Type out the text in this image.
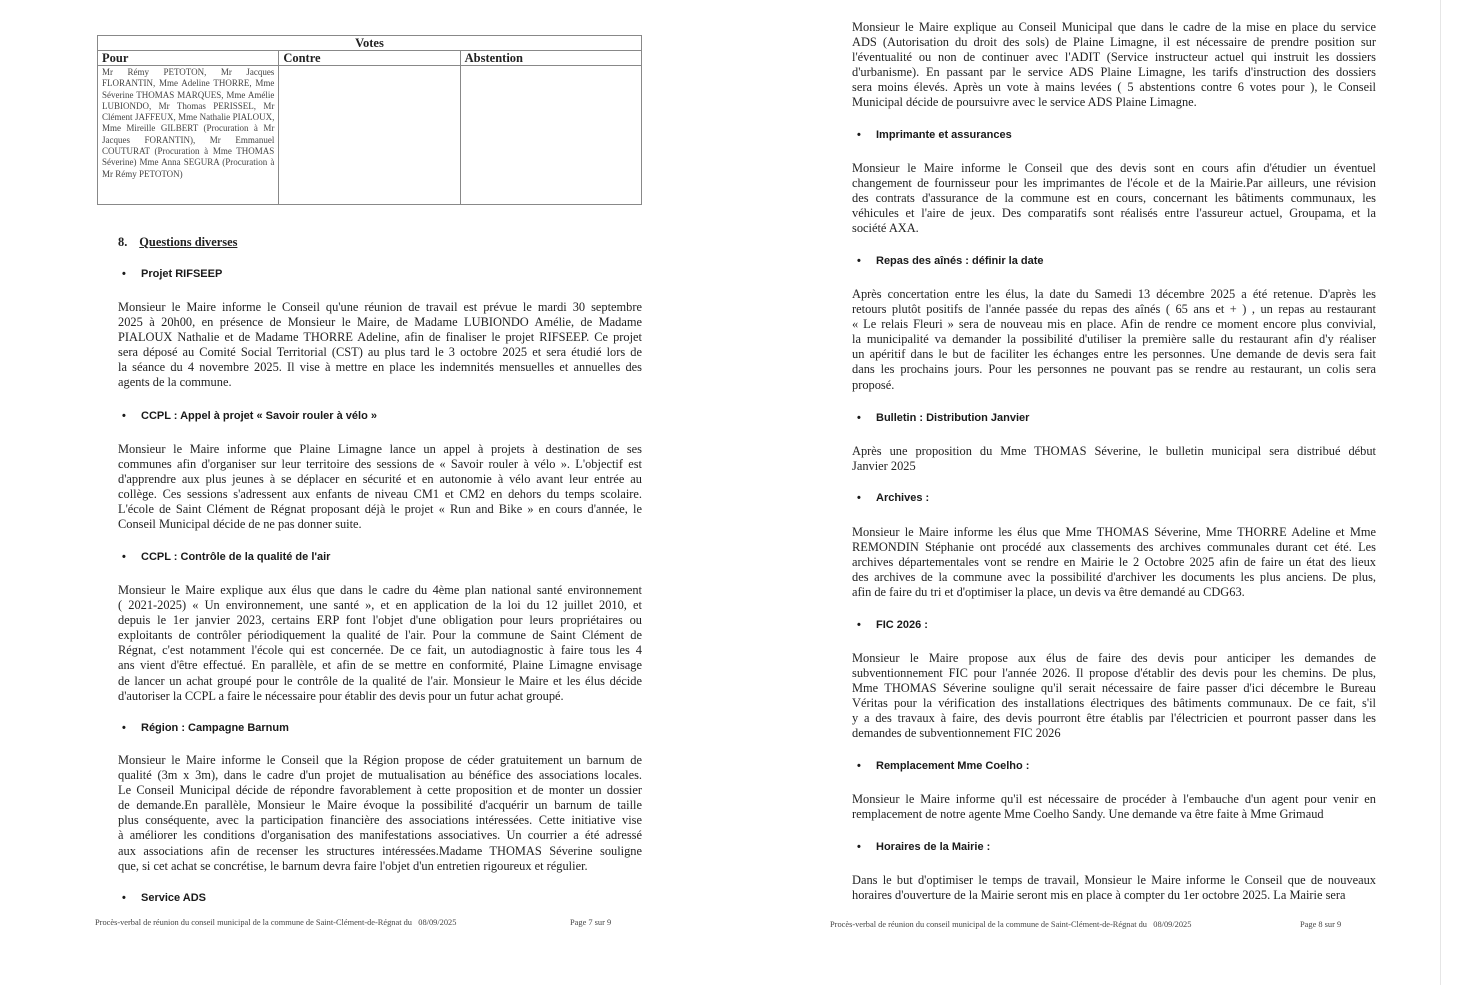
Votes		
Pour	Contre	Abstention
Mr Rémy PETOTON, Mr Jacques FLORANTIN, Mme Adeline THORRE, Mme Séverine THOMAS MARQUES, Mme Amélie LUBIONDO, Mr Thomas PERISSEL, Mr Clément JAFFEUX, Mme Nathalie PIALOUX, Mme Mireille GILBERT (Procuration à Mr Jacques FORANTIN), Mr Emmanuel COUTURAT (Procuration à Mme THOMAS Séverine) Mme Anna SEGURA (Procuration à Mr Rémy PETOTON)		
8. Questions diverses
• Projet RIFSEEP
Monsieur le Maire informe le Conseil qu'une réunion de travail est prévue le mardi 30 septembre
2025 à 20h00, en présence de Monsieur le Maire, de Madame LUBIONDO Amélie, de Madame
PIALOUX Nathalie et de Madame THORRE Adeline, afin de finaliser le projet RIFSEEP. Ce projet
sera déposé au Comité Social Territorial (CST) au plus tard le 3 octobre 2025 et sera étudié lors de
la séance du 4 novembre 2025. Il vise à mettre en place les indemnités mensuelles et annuelles des
agents de la commune.
• CCPL : Appel à projet « Savoir rouler à vélo »
Monsieur le Maire informe que Plaine Limagne lance un appel à projets à destination de ses
communes afin d'organiser sur leur territoire des sessions de « Savoir rouler à vélo ». L'objectif est
d'apprendre aux plus jeunes à se déplacer en sécurité et en autonomie à vélo avant leur entrée au
collège. Ces sessions s'adressent aux enfants de niveau CM1 et CM2 en dehors du temps scolaire.
L'école de Saint Clément de Régnat proposant déjà le projet « Run and Bike » en cours d'année, le
Conseil Municipal décide de ne pas donner suite.
• CCPL : Contrôle de la qualité de l'air
Monsieur le Maire explique aux élus que dans le cadre du 4ème plan national santé environnement
( 2021-2025) « Un environnement, une santé », et en application de la loi du 12 juillet 2010, et
depuis le 1er janvier 2023, certains ERP font l'objet d'une obligation pour leurs propriétaires ou
exploitants de contrôler périodiquement la qualité de l'air. Pour la commune de Saint Clément de
Régnat, c'est notamment l'école qui est concernée. De ce fait, un autodiagnostic à faire tous les 4
ans vient d'être effectué. En parallèle, et afin de se mettre en conformité, Plaine Limagne envisage
de lancer un achat groupé pour le contrôle de la qualité de l'air. Monsieur le Maire et les élus décide
d'autoriser la CCPL a faire le nécessaire pour établir des devis pour un futur achat groupé.
• Région : Campagne Barnum
Monsieur le Maire informe le Conseil que la Région propose de céder gratuitement un barnum de
qualité (3m x 3m), dans le cadre d'un projet de mutualisation au bénéfice des associations locales.
Le Conseil Municipal décide de répondre favorablement à cette proposition et de monter un dossier
de demande.En parallèle, Monsieur le Maire évoque la possibilité d'acquérir un barnum de taille
plus conséquente, avec la participation financière des associations intéressées. Cette initiative vise
à améliorer les conditions d'organisation des manifestations associatives. Un courrier a été adressé
aux associations afin de recenser les structures intéressées.Madame THOMAS Séverine souligne
que, si cet achat se concrétise, le barnum devra faire l'objet d'un entretien rigoureux et régulier.
• Service ADS
Procès-verbal de réunion du conseil municipal de la commune de Saint-Clément-de-Régnat du 08/09/2025	Page 7 sur 9
Monsieur le Maire explique au Conseil Municipal que dans le cadre de la mise en place du service
ADS (Autorisation du droit des sols) de Plaine Limagne, il est nécessaire de prendre position sur
l'éventualité ou non de continuer avec l'ADIT (Service instructeur actuel qui instruit les dossiers
d'urbanisme). En passant par le service ADS Plaine Limagne, les tarifs d'instruction des dossiers
sera moins élevés. Après un vote à mains levées ( 5 abstentions contre 6 votes pour ), le Conseil
Municipal décide de poursuivre avec le service ADS Plaine Limagne.
• Imprimante et assurances
Monsieur le Maire informe le Conseil que des devis sont en cours afin d'étudier un éventuel
changement de fournisseur pour les imprimantes de l'école et de la Mairie.Par ailleurs, une révision
des contrats d'assurance de la commune est en cours, concernant les bâtiments communaux, les
véhicules et l'aire de jeux. Des comparatifs sont réalisés entre l'assureur actuel, Groupama, et la
société AXA.
• Repas des aînés : définir la date
Après concertation entre les élus, la date du Samedi 13 décembre 2025 a été retenue. D'après les
retours plutôt positifs de l'année passée du repas des aînés ( 65 ans et + ) , un repas au restaurant
« Le relais Fleuri » sera de nouveau mis en place. Afin de rendre ce moment encore plus convivial,
la municipalité va demander la possibilité d'utiliser la première salle du restaurant afin d'y réaliser
un apéritif dans le but de faciliter les échanges entre les personnes. Une demande de devis sera fait
dans les prochains jours. Pour les personnes ne pouvant pas se rendre au restaurant, un colis sera
proposé.
• Bulletin : Distribution Janvier
Après une proposition du Mme THOMAS Séverine, le bulletin municipal sera distribué début
Janvier 2025
• Archives :
Monsieur le Maire informe les élus que Mme THOMAS Séverine, Mme THORRE Adeline et Mme
REMONDIN Stéphanie ont procédé aux classements des archives communales durant cet été. Les
archives départementales vont se rendre en Mairie le 2 Octobre 2025 afin de faire un état des lieux
des archives de la commune avec la possibilité d'archiver les documents les plus anciens. De plus,
afin de faire du tri et d'optimiser la place, un devis va être demandé au CDG63.
• FIC 2026 :
Monsieur le Maire propose aux élus de faire des devis pour anticiper les demandes de
subventionnement FIC pour l'année 2026. Il propose d'établir des devis pour les chemins. De plus,
Mme THOMAS Séverine souligne qu'il serait nécessaire de faire passer d'ici décembre le Bureau
Véritas pour la vérification des installations électriques des bâtiments communaux. De ce fait, s'il
y a des travaux à faire, des devis pourront être établis par l'électricien et pourront passer dans les
demandes de subventionnement FIC 2026
• Remplacement Mme Coelho :
Monsieur le Maire informe qu'il est nécessaire de procéder à l'embauche d'un agent pour venir en
remplacement de notre agente Mme Coelho Sandy. Une demande va être faite à Mme Grimaud
• Horaires de la Mairie :
Dans le but d'optimiser le temps de travail, Monsieur le Maire informe le Conseil que de nouveaux
horaires d'ouverture de la Mairie seront mis en place à compter du 1er octobre 2025. La Mairie sera
Procès-verbal de réunion du conseil municipal de la commune de Saint-Clément-de-Régnat du 08/09/2025	Page 8 sur 9
